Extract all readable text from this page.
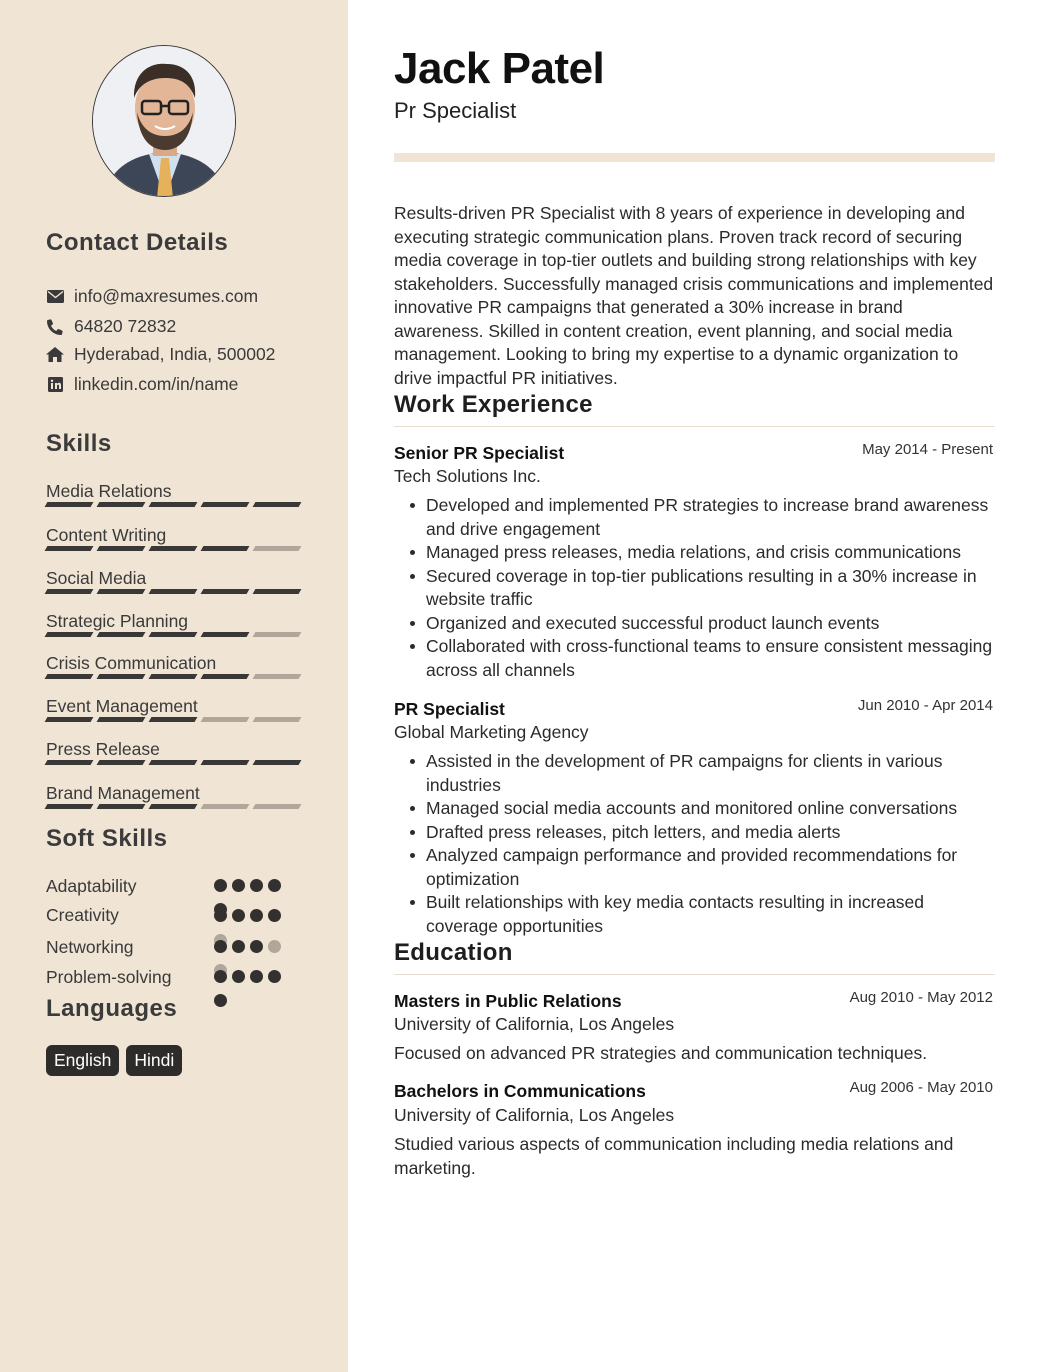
Contact Details
info@maxresumes.com
64820 72832
Hyderabad, India, 500002
linkedin.com/in/name
Skills
Media Relations
Content Writing
Social Media
Strategic Planning
Crisis Communication
Event Management
Press Release
Brand Management
Soft Skills
Adaptability
Creativity
Networking
Problem-solving
Languages
English	Hindi
Jack Patel
Pr Specialist

Results-driven PR Specialist with 8 years of experience in developing and executing strategic communication plans. Proven track record of securing media coverage in top-tier outlets and building strong relationships with key stakeholders. Successfully managed crisis communications and implemented innovative PR campaigns that generated a 30% increase in brand awareness. Skilled in content creation, event planning, and social media management. Looking to bring my expertise to a dynamic organization to drive impactful PR initiatives.

Work Experience
Senior PR Specialist	May 2014 - Present
Tech Solutions Inc.
Developed and implemented PR strategies to increase brand awareness and drive engagement
Managed press releases, media relations, and crisis communications
Secured coverage in top-tier publications resulting in a 30% increase in website traffic
Organized and executed successful product launch events
Collaborated with cross-functional teams to ensure consistent messaging across all channels
PR Specialist	Jun 2010 - Apr 2014
Global Marketing Agency
Assisted in the development of PR campaigns for clients in various industries
Managed social media accounts and monitored online conversations
Drafted press releases, pitch letters, and media alerts
Analyzed campaign performance and provided recommendations for optimization
Built relationships with key media contacts resulting in increased coverage opportunities
Education
Masters in Public Relations	Aug 2010 - May 2012
University of California, Los Angeles

Focused on advanced PR strategies and communication techniques.

Bachelors in Communications	Aug 2006 - May 2010
University of California, Los Angeles

Studied various aspects of communication including media relations and marketing.
